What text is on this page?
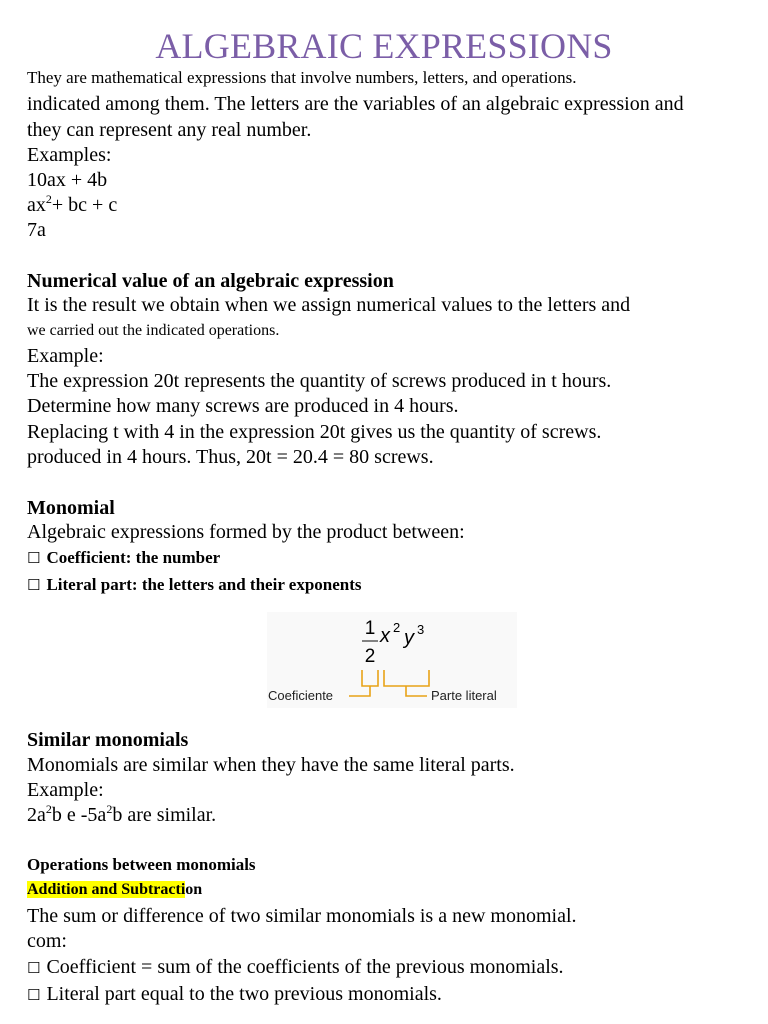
ALGEBRAIC EXPRESSIONS
They are mathematical expressions that involve numbers, letters, and operations.
indicated among them. The letters are the variables of an algebraic expression and
they can represent any real number.
Examples:
10ax + 4b
$ax^2+$ bc + c
7a
Numerical value of an algebraic expression
It is the result we obtain when we assign numerical values to the letters and
we carried out the indicated operations.
Example:
The expression 20t represents the quantity of screws produced in t hours.
Determine how many screws are produced in 4 hours.
Replacing t with 4 in the expression 20t gives us the quantity of screws.
produced in 4 hours. Thus, 20t = 20.4 = 80 screws.
Monomial
Algebraic expressions formed by the product between:
☐ Coefficient: the number
☐ Literal part: the letters and their exponents
1
2
x 2 y 3
Coeficiente	Parte literal
Similar monomials
Monomials are similar when they have the same literal parts.
Example:
$2a^2b$ e $-5a^2b$ are similar.
Operations between monomials
Addition and Subtraction
The sum or difference of two similar monomials is a new monomial.
com:
☐ Coefficient = sum of the coefficients of the previous monomials.
☐ Literal part equal to the two previous monomials.
